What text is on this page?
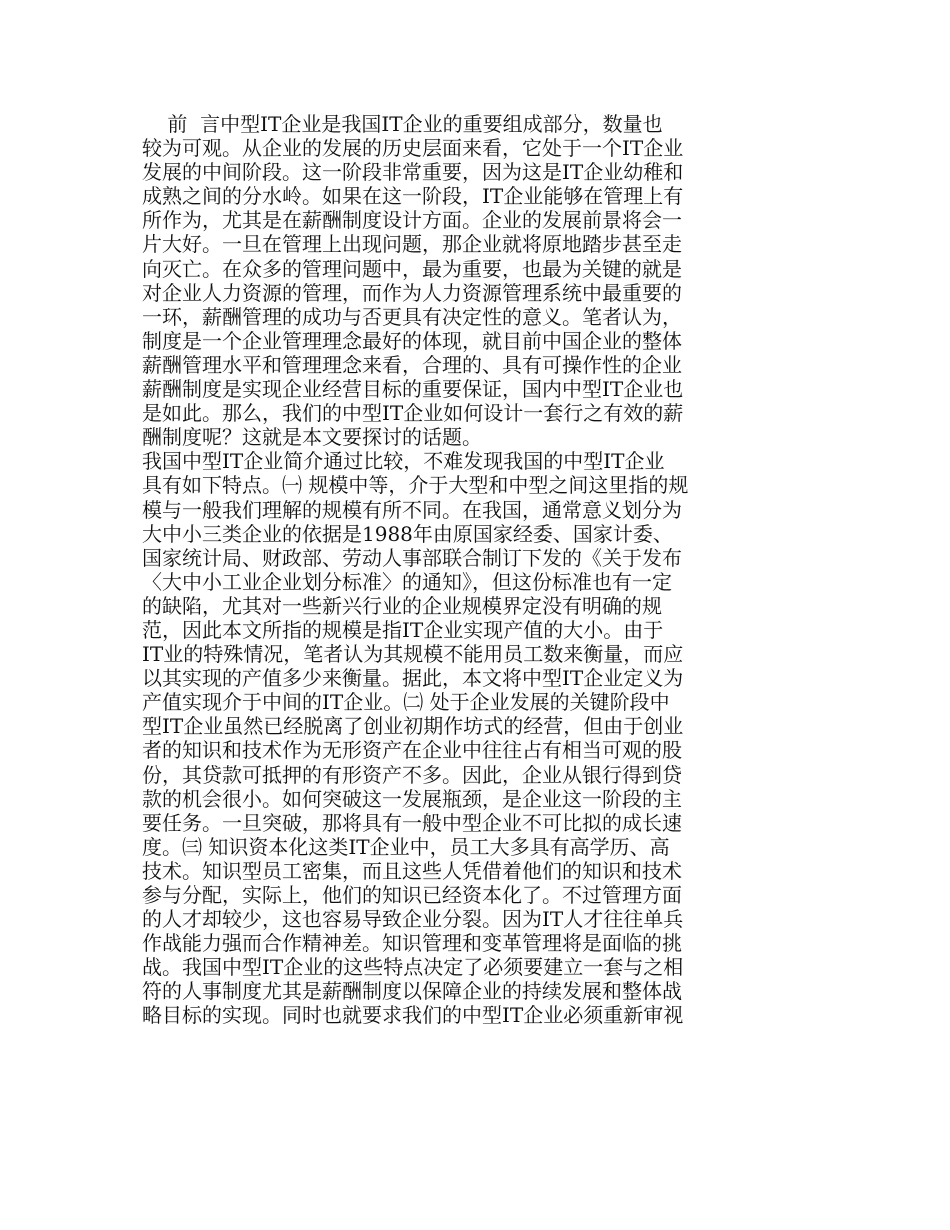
前  言中型IT企业是我国IT企业的重要组成部分，数量也
较为可观。从企业的发展的历史层面来看，它处于一个IT企业
发展的中间阶段。这一阶段非常重要，因为这是IT企业幼稚和
成熟之间的分水岭。如果在这一阶段，IT企业能够在管理上有
所作为，尤其是在薪酬制度设计方面。企业的发展前景将会一
片大好。一旦在管理上出现问题，那企业就将原地踏步甚至走
向灭亡。在众多的管理问题中，最为重要，也最为关键的就是
对企业人力资源的管理，而作为人力资源管理系统中最重要的
一环，薪酬管理的成功与否更具有决定性的意义。笔者认为，
制度是一个企业管理理念最好的体现，就目前中国企业的整体
薪酬管理水平和管理理念来看，合理的、具有可操作性的企业
薪酬制度是实现企业经营目标的重要保证，国内中型IT企业也
是如此。那么，我们的中型IT企业如何设计一套行之有效的薪
酬制度呢？这就是本文要探讨的话题。
我国中型IT企业简介通过比较，不难发现我国的中型IT企业
具有如下特点。㈠ 规模中等，介于大型和中型之间这里指的规
模与一般我们理解的规模有所不同。在我国，通常意义划分为
大中小三类企业的依据是1988年由原国家经委、国家计委、
国家统计局、财政部、劳动人事部联合制订下发的《关于发布
〈大中小工业企业划分标准〉的通知》，但这份标准也有一定
的缺陷，尤其对一些新兴行业的企业规模界定没有明确的规
范，因此本文所指的规模是指IT企业实现产值的大小。由于
IT业的特殊情况，笔者认为其规模不能用员工数来衡量，而应
以其实现的产值多少来衡量。据此，本文将中型IT企业定义为
产值实现介于中间的IT企业。㈡ 处于企业发展的关键阶段中
型IT企业虽然已经脱离了创业初期作坊式的经营，但由于创业
者的知识和技术作为无形资产在企业中往往占有相当可观的股
份，其贷款可抵押的有形资产不多。因此，企业从银行得到贷
款的机会很小。如何突破这一发展瓶颈，是企业这一阶段的主
要任务。一旦突破，那将具有一般中型企业不可比拟的成长速
度。㈢ 知识资本化这类IT企业中，员工大多具有高学历、高
技术。知识型员工密集，而且这些人凭借着他们的知识和技术
参与分配，实际上，他们的知识已经资本化了。不过管理方面
的人才却较少，这也容易导致企业分裂。因为IT人才往往单兵
作战能力强而合作精神差。知识管理和变革管理将是面临的挑
战。我国中型IT企业的这些特点决定了必须要建立一套与之相
符的人事制度尤其是薪酬制度以保障企业的持续发展和整体战
略目标的实现。同时也就要求我们的中型IT企业必须重新审视
